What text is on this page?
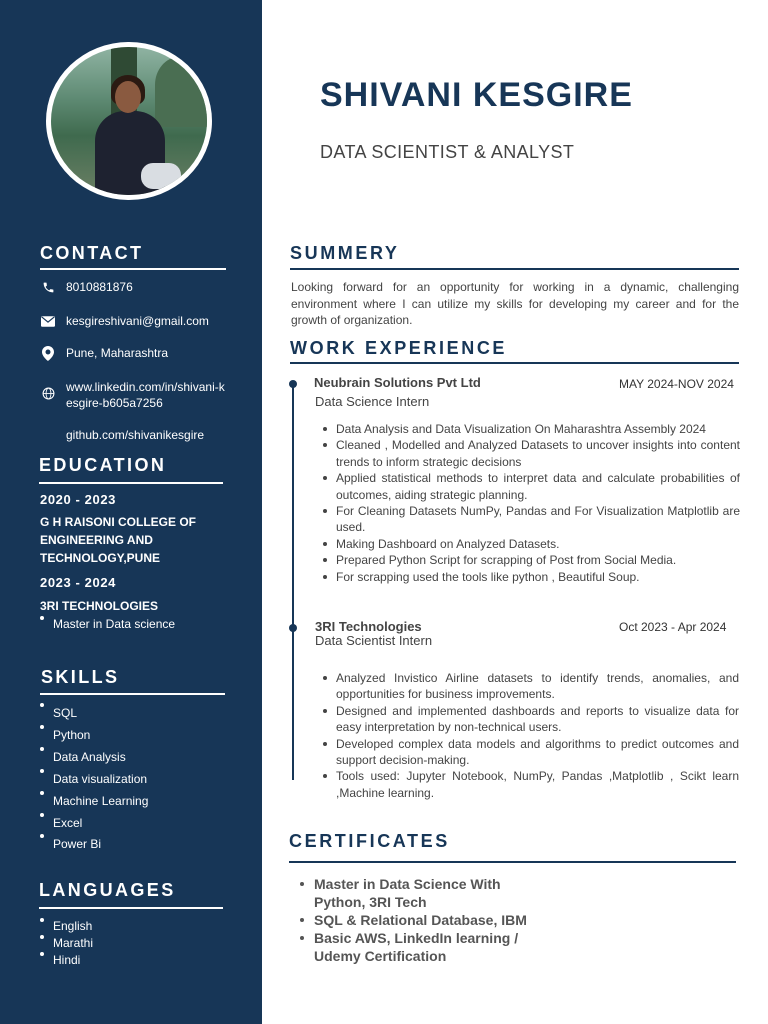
CONTACT
8010881876
kesgireshivani@gmail.com
Pune, Maharashtra
www.linkedin.com/in/shivani-kesgire-b605a7256
github.com/shivanikesgire
EDUCATION
2020 - 2023
G H RAISONI COLLEGE OF ENGINEERING AND TECHNOLOGY,PUNE
2023 - 2024
3RI TECHNOLOGIES
Master in Data science
SKILLS
SQL
Python
Data Analysis
Data visualization
Machine Learning
Excel
Power Bi
LANGUAGES
English
Marathi
Hindi
SHIVANI KESGIRE
DATA SCIENTIST & ANALYST
SUMMERY
Looking forward for an opportunity for working in a dynamic, challenging environment where I can utilize my skills for developing my career and for the growth of organization.
WORK EXPERIENCE
Neubrain Solutions Pvt Ltd	MAY 2024-NOV 2024
Data Science Intern
Data Analysis and Data Visualization On Maharashtra Assembly 2024
Cleaned , Modelled and Analyzed Datasets to uncover insights into content trends to inform strategic decisions
Applied statistical methods to interpret data and calculate probabilities of outcomes, aiding strategic planning.
For Cleaning Datasets NumPy, Pandas and For Visualization Matplotlib are used.
Making Dashboard on Analyzed Datasets.
Prepared Python Script for scrapping of Post from Social Media.
For scrapping used the tools like python , Beautiful Soup.
3RI Technologies	Oct 2023 - Apr 2024
Data Scientist Intern
Analyzed Invistico Airline datasets to identify trends, anomalies, and opportunities for business improvements.
Designed and implemented dashboards and reports to visualize data for easy interpretation by non-technical users.
Developed complex data models and algorithms to predict outcomes and support decision-making.
Tools used: Jupyter Notebook, NumPy, Pandas ,Matplotlib , Scikt learn ,Machine learning.
CERTIFICATES
Master in Data Science With Python, 3RI Tech
SQL & Relational Database, IBM
Basic AWS, LinkedIn learning / Udemy Certification
